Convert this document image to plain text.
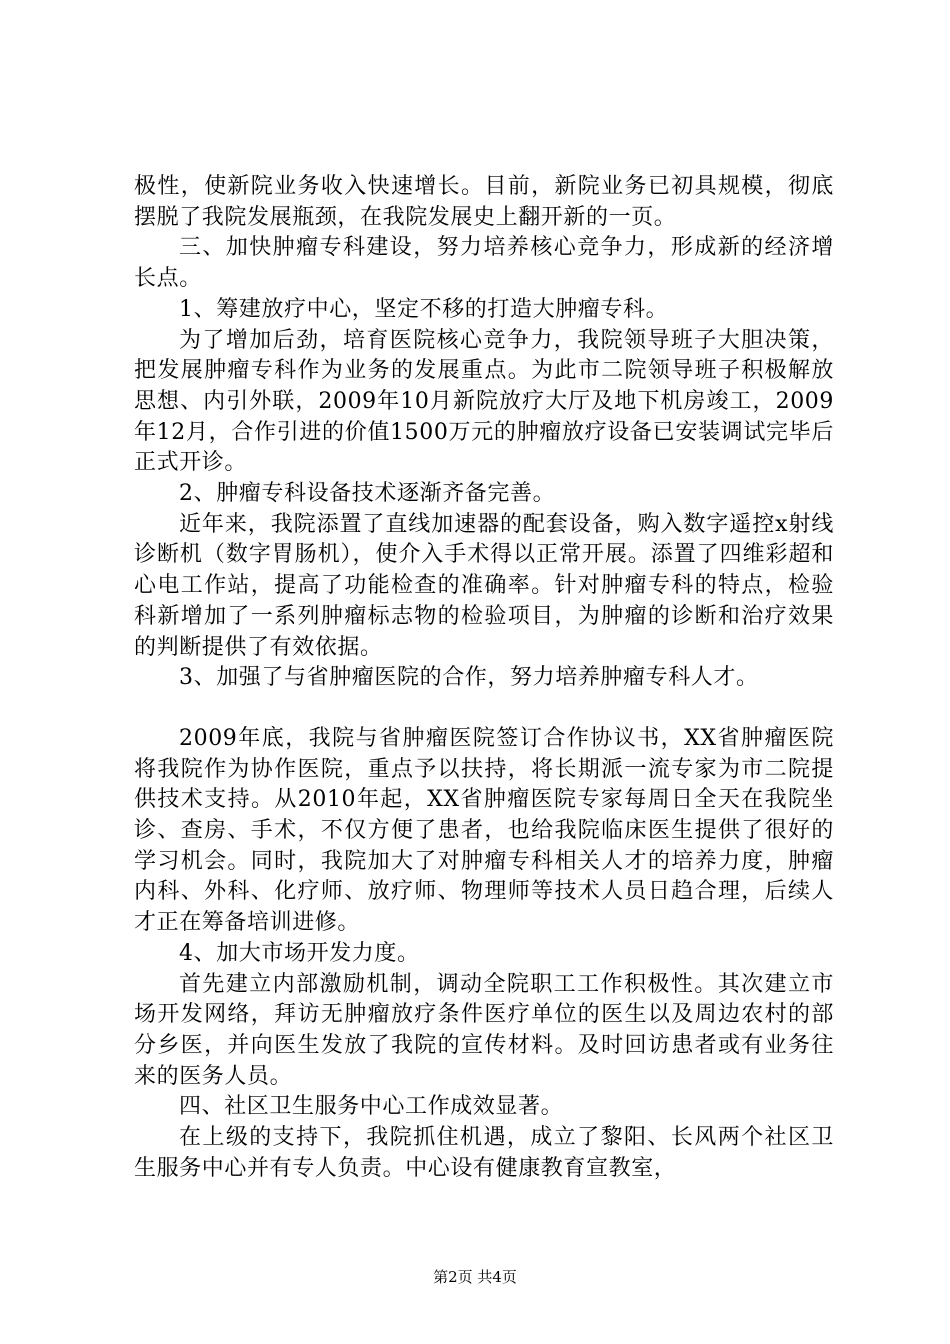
极性，使新院业务收入快速增长。目前，新院业务已初具规模，彻底摆脱了我院发展瓶颈，在我院发展史上翻开新的一页。

三、加快肿瘤专科建设，努力培养核心竞争力，形成新的经济增长点。

1、筹建放疗中心，坚定不移的打造大肿瘤专科。

为了增加后劲，培育医院核心竞争力，我院领导班子大胆决策，把发展肿瘤专科作为业务的发展重点。为此市二院领导班子积极解放思想、内引外联，2009年10月新院放疗大厅及地下机房竣工，2009年12月，合作引进的价值1500万元的肿瘤放疗设备已安装调试完毕后正式开诊。

2、肿瘤专科设备技术逐渐齐备完善。

近年来，我院添置了直线加速器的配套设备，购入数字遥控x射线诊断机（数字胃肠机），使介入手术得以正常开展。添置了四维彩超和心电工作站，提高了功能检查的准确率。针对肿瘤专科的特点，检验科新增加了一系列肿瘤标志物的检验项目，为肿瘤的诊断和治疗效果的判断提供了有效依据。

3、加强了与省肿瘤医院的合作，努力培养肿瘤专科人才。

2009年底，我院与省肿瘤医院签订合作协议书，XX省肿瘤医院将我院作为协作医院，重点予以扶持，将长期派一流专家为市二院提供技术支持。从2010年起，XX省肿瘤医院专家每周日全天在我院坐诊、查房、手术，不仅方便了患者，也给我院临床医生提供了很好的学习机会。同时，我院加大了对肿瘤专科相关人才的培养力度，肿瘤内科、外科、化疗师、放疗师、物理师等技术人员日趋合理，后续人才正在筹备培训进修。

4、加大市场开发力度。

首先建立内部激励机制，调动全院职工工作积极性。其次建立市场开发网络，拜访无肿瘤放疗条件医疗单位的医生以及周边农村的部分乡医，并向医生发放了我院的宣传材料。及时回访患者或有业务往来的医务人员。

四、社区卫生服务中心工作成效显著。

在上级的支持下，我院抓住机遇，成立了黎阳、长风两个社区卫生服务中心并有专人负责。中心设有健康教育宣教室，

第2页 共4页
